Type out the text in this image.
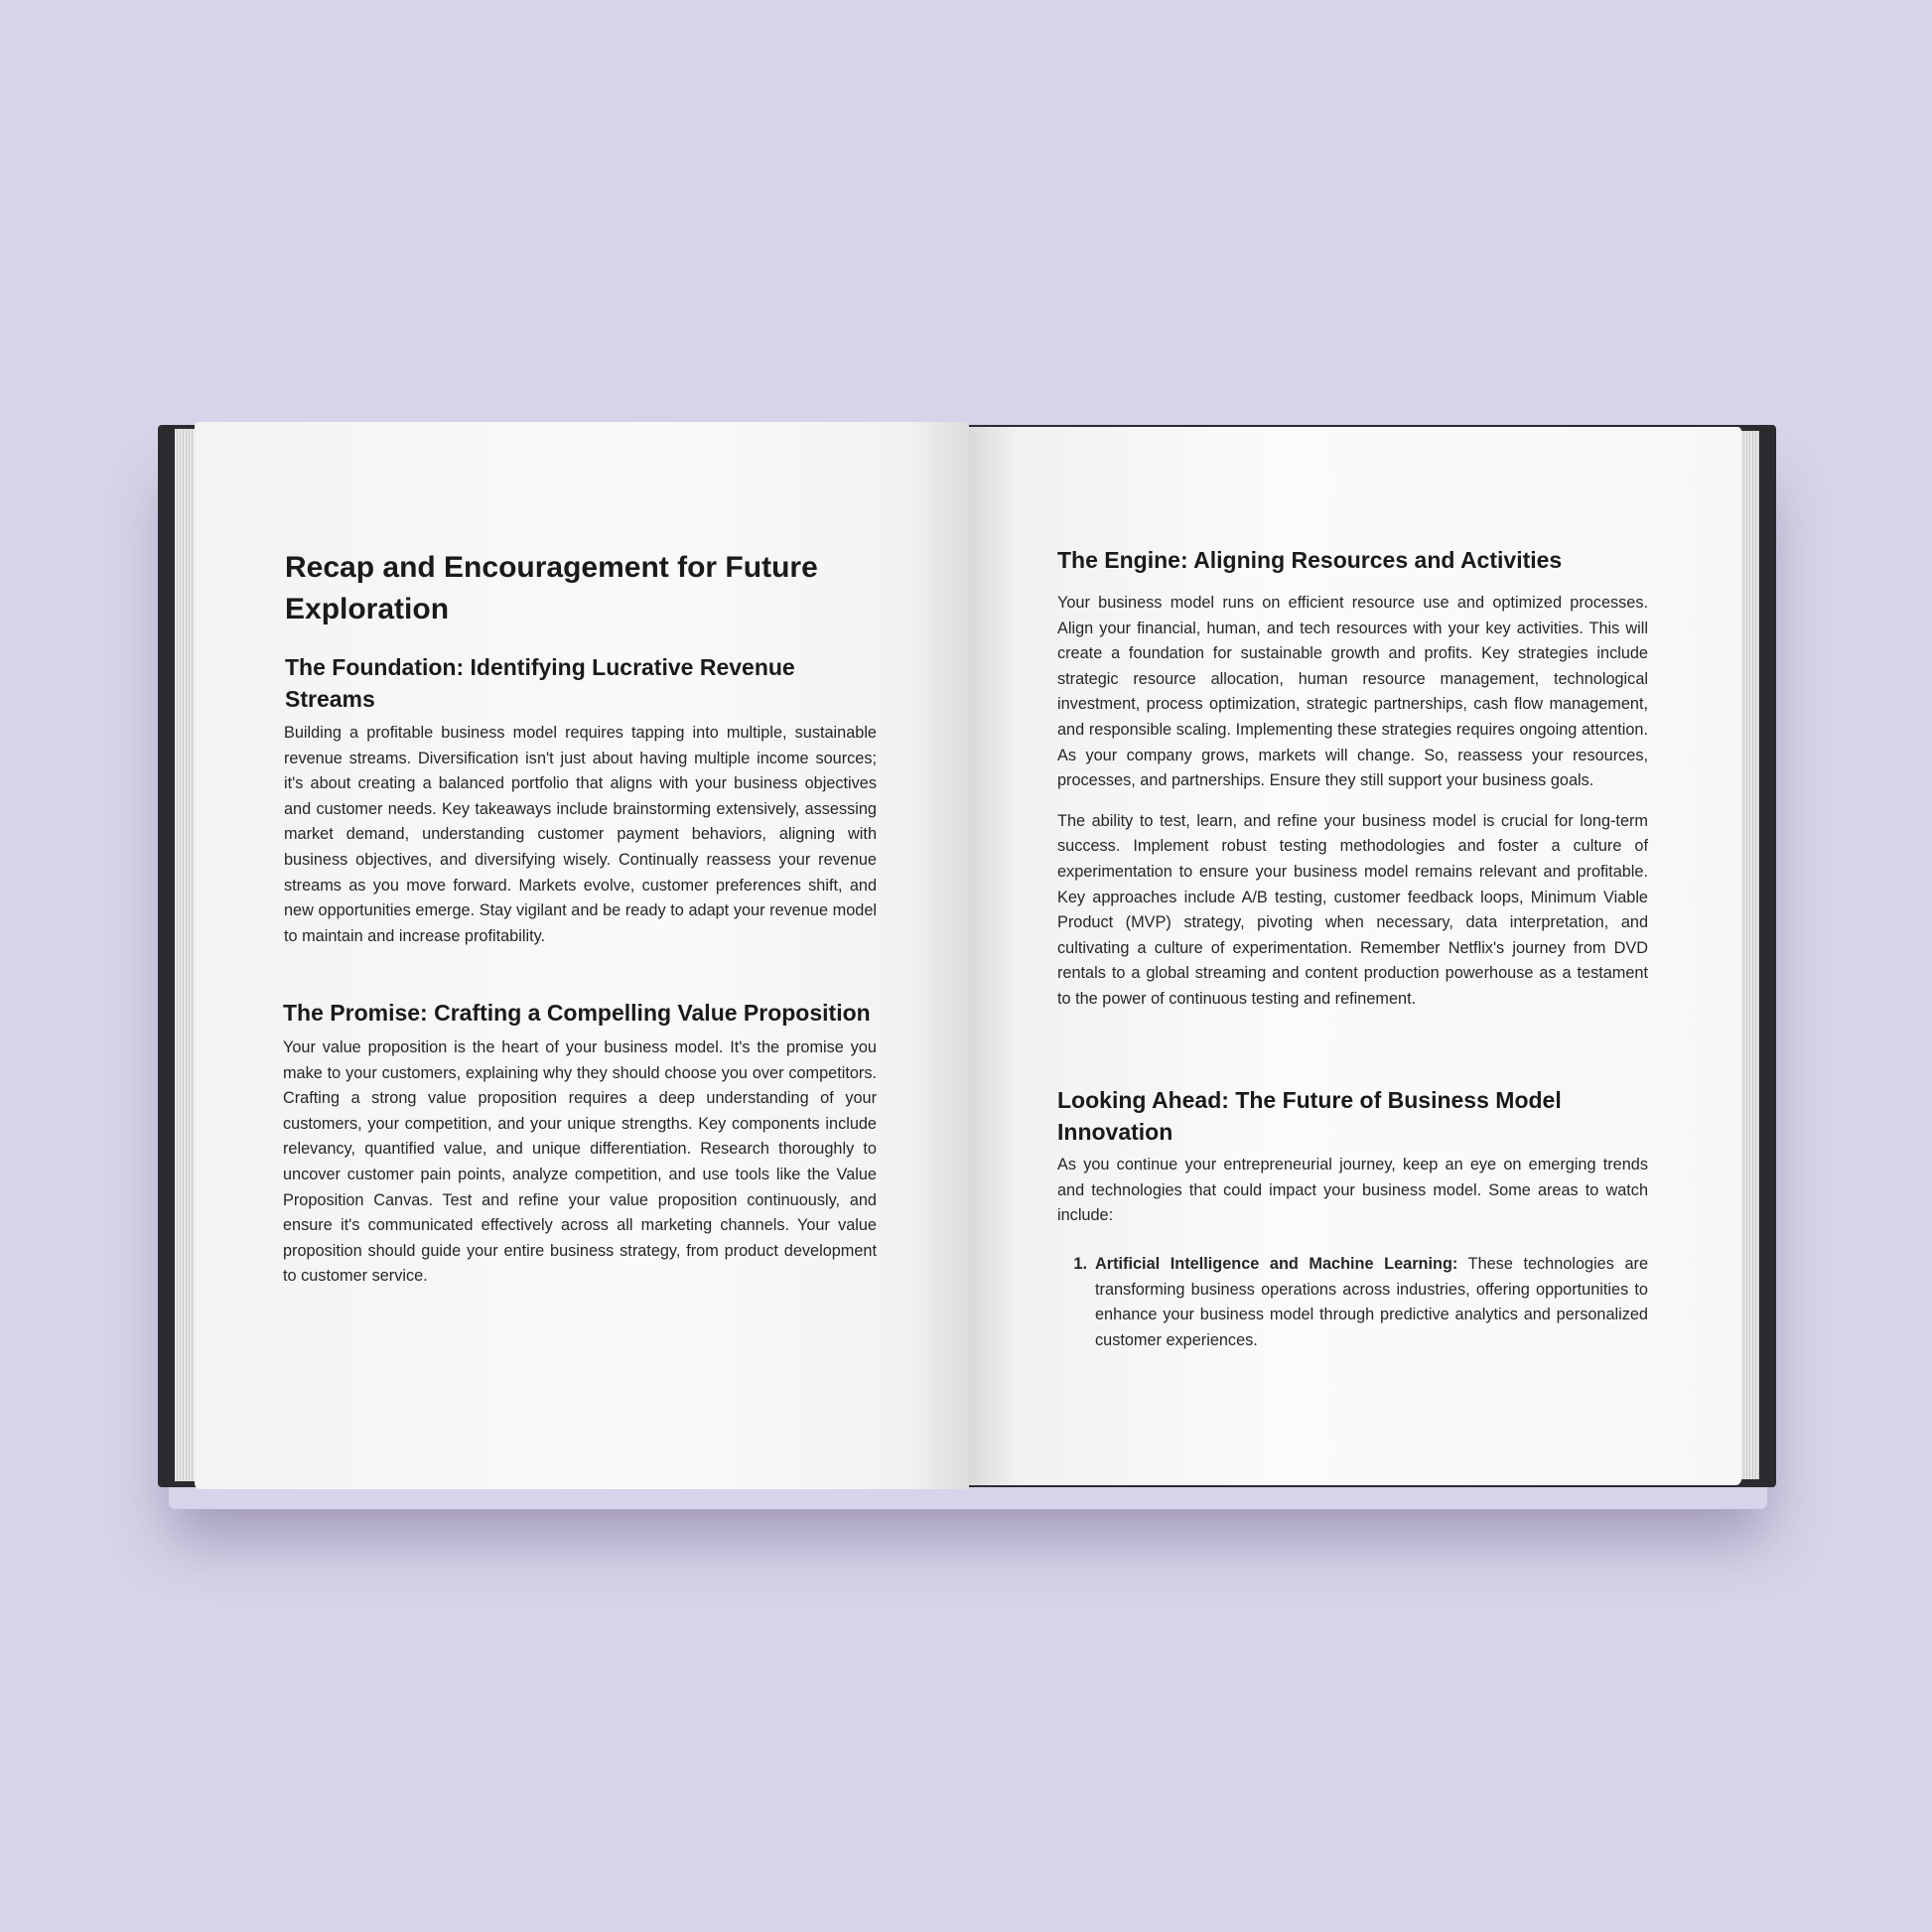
Recap and Encouragement for Future Exploration
The Foundation: Identifying Lucrative Revenue Streams

Building a profitable business model requires tapping into multiple, sustainable revenue streams. Diversification isn't just about having multiple income sources; it's about creating a balanced portfolio that aligns with your business objectives and customer needs. Key takeaways include brainstorming extensively, assessing market demand, understanding customer payment behaviors, aligning with business objectives, and diversifying wisely. Continually reassess your revenue streams as you move forward. Markets evolve, customer preferences shift, and new opportunities emerge. Stay vigilant and be ready to adapt your revenue model to maintain and increase profitability.

The Promise: Crafting a Compelling Value Proposition

Your value proposition is the heart of your business model. It's the promise you make to your customers, explaining why they should choose you over competitors. Crafting a strong value proposition requires a deep understanding of your customers, your competition, and your unique strengths. Key components include relevancy, quantified value, and unique differentiation. Research thoroughly to uncover customer pain points, analyze competition, and use tools like the Value Proposition Canvas. Test and refine your value proposition continuously, and ensure it's communicated effectively across all marketing channels. Your value proposition should guide your entire business strategy, from product development to customer service.

The Engine: Aligning Resources and Activities

Your business model runs on efficient resource use and optimized processes. Align your financial, human, and tech resources with your key activities. This will create a foundation for sustainable growth and profits. Key strategies include strategic resource allocation, human resource management, technological investment, process optimization, strategic partnerships, cash flow management, and responsible scaling. Implementing these strategies requires ongoing attention. As your company grows, markets will change. So, reassess your resources, processes, and partnerships. Ensure they still support your business goals.

The ability to test, learn, and refine your business model is crucial for long-term success. Implement robust testing methodologies and foster a culture of experimentation to ensure your business model remains relevant and profitable. Key approaches include A/B testing, customer feedback loops, Minimum Viable Product (MVP) strategy, pivoting when necessary, data interpretation, and cultivating a culture of experimentation. Remember Netflix's journey from DVD rentals to a global streaming and content production powerhouse as a testament to the power of continuous testing and refinement.

Looking Ahead: The Future of Business Model Innovation

As you continue your entrepreneurial journey, keep an eye on emerging trends and technologies that could impact your business model. Some areas to watch include:

1. Artificial Intelligence and Machine Learning: These technologies are transforming business operations across industries, offering opportunities to enhance your business model through predictive analytics and personalized customer experiences.
